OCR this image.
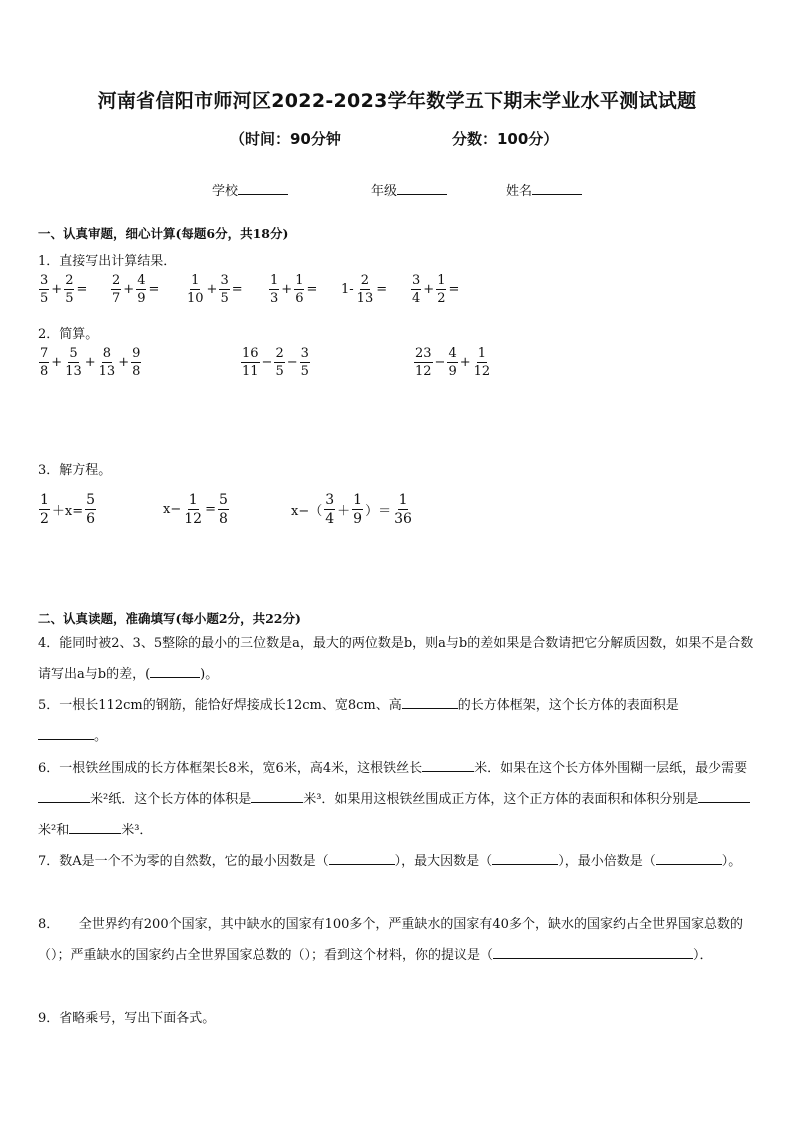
河南省信阳市师河区2022-2023学年数学五下期末学业水平测试试题
（时间：90分钟	分数：100分）
学校	年级	姓名
一、认真审题，细心计算(每题6分，共18分)
1．直接写出计算结果．
2．简算。
3．解方程。
二、认真读题，准确填写(每小题2分，共22分)
4．能同时被2、3、5整除的最小的三位数是a，最大的两位数是b，则a与b的差如果是合数请把它分解质因数，如果不是合数请写出a与b的差，(	)。
5．一根长112cm的钢筋，能恰好焊接成长12cm、宽8cm、高	的长方体框架，这个长方体的表面积是
。
6．一根铁丝围成的长方体框架长8米，宽6米，高4米，这根铁丝长	米．如果在这个长方体外围糊一层纸，最少需要米²纸．这个长方体的体积是	米³．如果用这根铁丝围成正方体，这个正方体的表面积和体积分别是米²和	米³．
7．数A是一个不为零的自然数，它的最小因数是（	），最大因数是（	），最小倍数是（	）。
8．　　全世界约有200个国家，其中缺水的国家有100多个，严重缺水的国家有40多个，缺水的国家约占全世界国家总数的（）；严重缺水的国家约占全世界国家总数的（）；看到这个材料，你的提议是（	）．
9．省略乘号，写出下面各式。
$\frac{3}{5} + \frac{2}{5} = \frac{2}{7} + \frac{4}{9} = \frac{1}{10} + \frac{3}{5} = \frac{1}{3} + \frac{1}{6} = 1- \frac{2}{13} = \frac{3}{4} + \frac{1}{2}$ =
$\frac{7}{8} + \frac{5}{13} + \frac{8}{13} + \frac{9}{8}$	$\frac{16}{11} - \frac{2}{5} - \frac{3}{5}$	$\frac{23}{12} - \frac{4}{9} + \frac{1}{12}$
$\frac{1}{2} +x= \frac{5}{6}$	$x- \frac{1}{12} = \frac{5}{8}$	$x-( \frac{3}{4} + \frac{1}{9}$ ）＝ $\frac{1}{36}$
